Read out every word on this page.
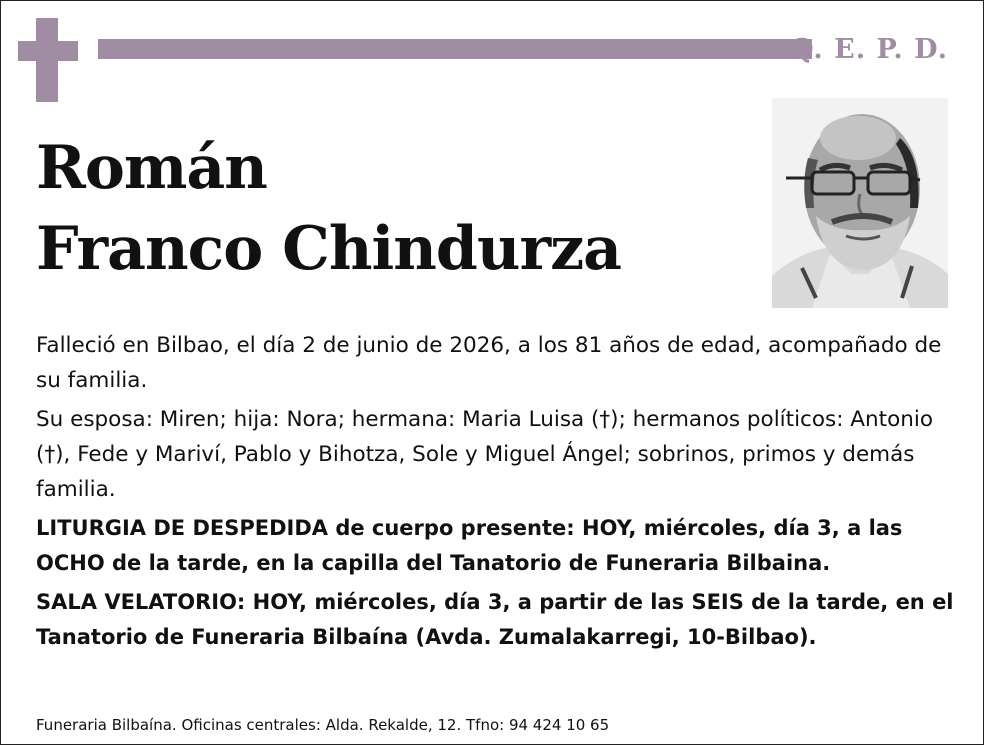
Q. E. P. D.
Román
Franco Chindurza

Falleció en Bilbao, el día 2 de junio de 2026, a los 81 años de edad, acompañado de su familia.

Su esposa: Miren; hija: Nora; hermana: Maria Luisa (†); hermanos políticos: Antonio (†), Fede y Mariví, Pablo y Bihotza, Sole y Miguel Ángel; sobrinos, primos y demás familia.

LITURGIA DE DESPEDIDA de cuerpo presente: HOY, miércoles, día 3, a las OCHO de la tarde, en la capilla del Tanatorio de Funeraria Bilbaina.

SALA VELATORIO: HOY, miércoles, día 3, a partir de las SEIS de la tarde, en el Tanatorio de Funeraria Bilbaína (Avda. Zumalakarregi, 10-Bilbao).

Funeraria Bilbaína. Oficinas centrales: Alda. Rekalde, 12. Tfno: 94 424 10 65
